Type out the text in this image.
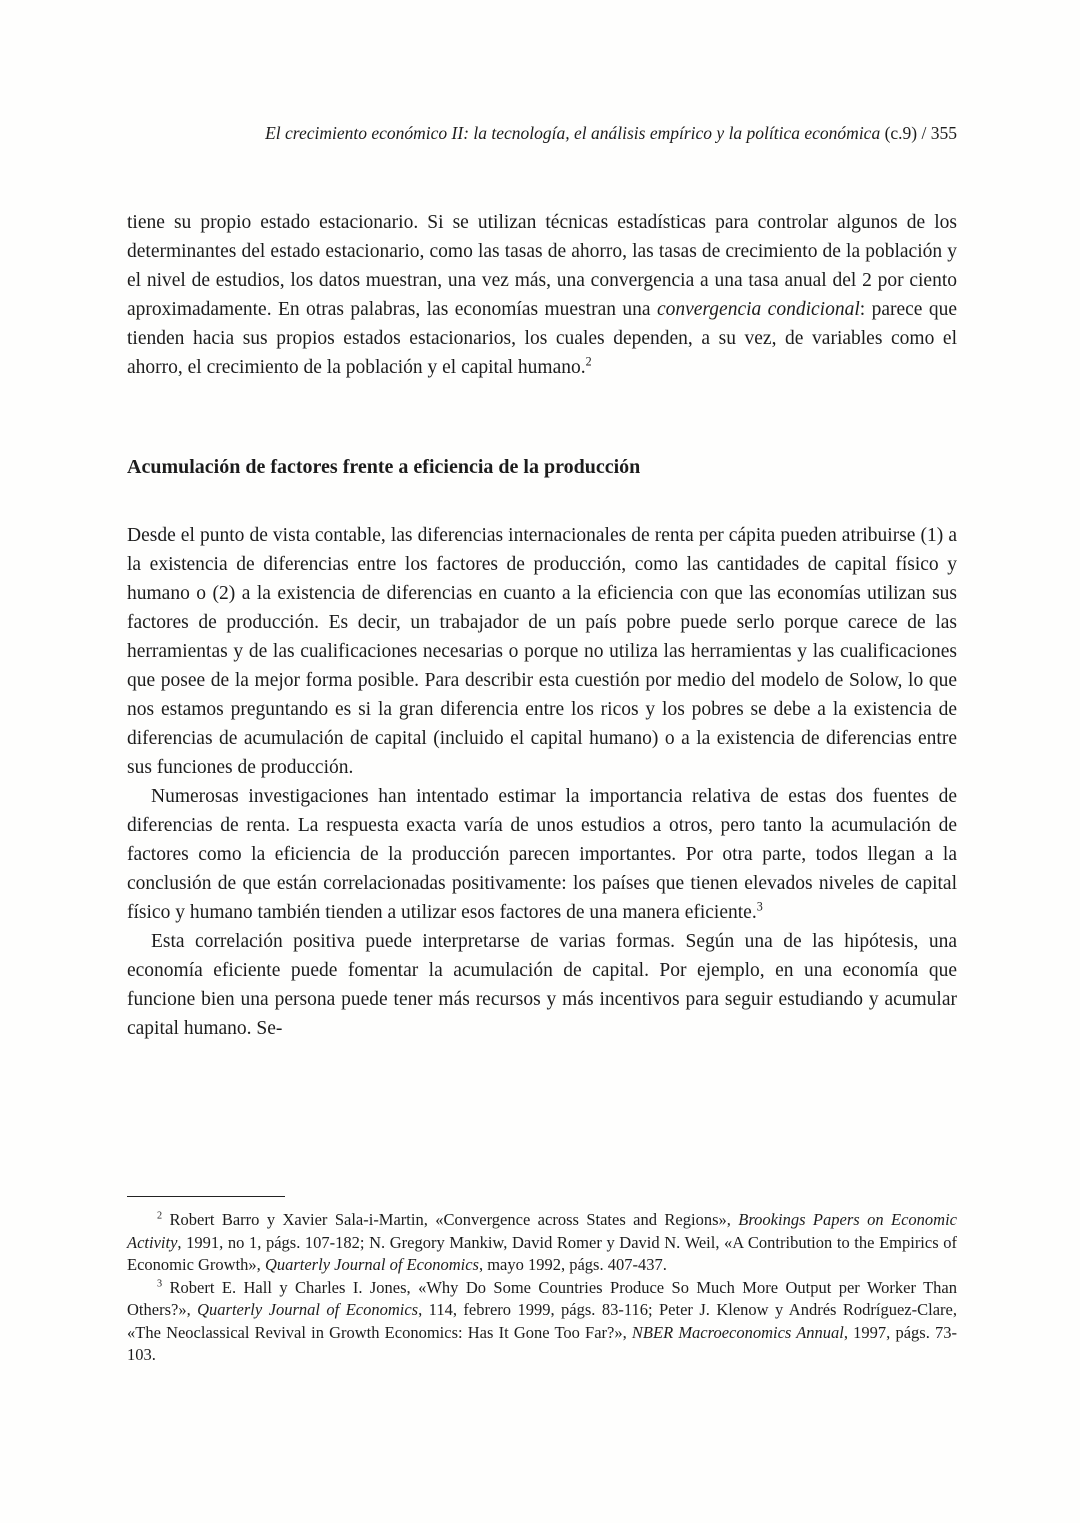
El crecimiento económico II: la tecnología, el análisis empírico y la política económica (c.9) / 355

tiene su propio estado estacionario. Si se utilizan técnicas estadísticas para controlar algunos de los determinantes del estado estacionario, como las tasas de ahorro, las tasas de crecimiento de la población y el nivel de estudios, los datos muestran, una vez más, una convergencia a una tasa anual del 2 por ciento aproximadamente. En otras palabras, las economías muestran una convergencia condicional: parece que tienden hacia sus propios estados estacionarios, los cuales dependen, a su vez, de variables como el ahorro, el crecimiento de la población y el capital humano.$^2$

Acumulación de factores frente a eficiencia de la producción

Desde el punto de vista contable, las diferencias internacionales de renta per cápita pueden atribuirse (1) a la existencia de diferencias entre los factores de producción, como las cantidades de capital físico y humano o (2) a la existencia de diferencias en cuanto a la eficiencia con que las economías utilizan sus factores de producción. Es decir, un trabajador de un país pobre puede serlo porque carece de las herramientas y de las cualificaciones necesarias o porque no utiliza las herramientas y las cualificaciones que posee de la mejor forma posible. Para describir esta cuestión por medio del modelo de Solow, lo que nos estamos preguntando es si la gran diferencia entre los ricos y los pobres se debe a la existencia de diferencias de acumulación de capital (incluido el capital humano) o a la existencia de diferencias entre sus funciones de producción.

Numerosas investigaciones han intentado estimar la importancia relativa de estas dos fuentes de diferencias de renta. La respuesta exacta varía de unos estudios a otros, pero tanto la acumulación de factores como la eficiencia de la producción parecen importantes. Por otra parte, todos llegan a la conclusión de que están correlacionadas positivamente: los países que tienen elevados niveles de capital físico y humano también tienden a utilizar esos factores de una manera eficiente.$^3$

Esta correlación positiva puede interpretarse de varias formas. Según una de las hipótesis, una economía eficiente puede fomentar la acumulación de capital. Por ejemplo, en una economía que funcione bien una persona puede tener más recursos y más incentivos para seguir estudiando y acumular capital humano. Se-

$^2$ Robert Barro y Xavier Sala-i-Martin, «Convergence across States and Regions», Brookings Papers on Economic Activity, 1991, no 1, págs. 107-182; N. Gregory Mankiw, David Romer y David N. Weil, «A Contribution to the Empirics of Economic Growth», Quarterly Journal of Economics, mayo 1992, págs. 407-437.

$^3$ Robert E. Hall y Charles I. Jones, «Why Do Some Countries Produce So Much More Output per Worker Than Others?», Quarterly Journal of Economics, 114, febrero 1999, págs. 83-116; Peter J. Klenow y Andrés Rodríguez-Clare, «The Neoclassical Revival in Growth Economics: Has It Gone Too Far?», NBER Macroeconomics Annual, 1997, págs. 73-103.
